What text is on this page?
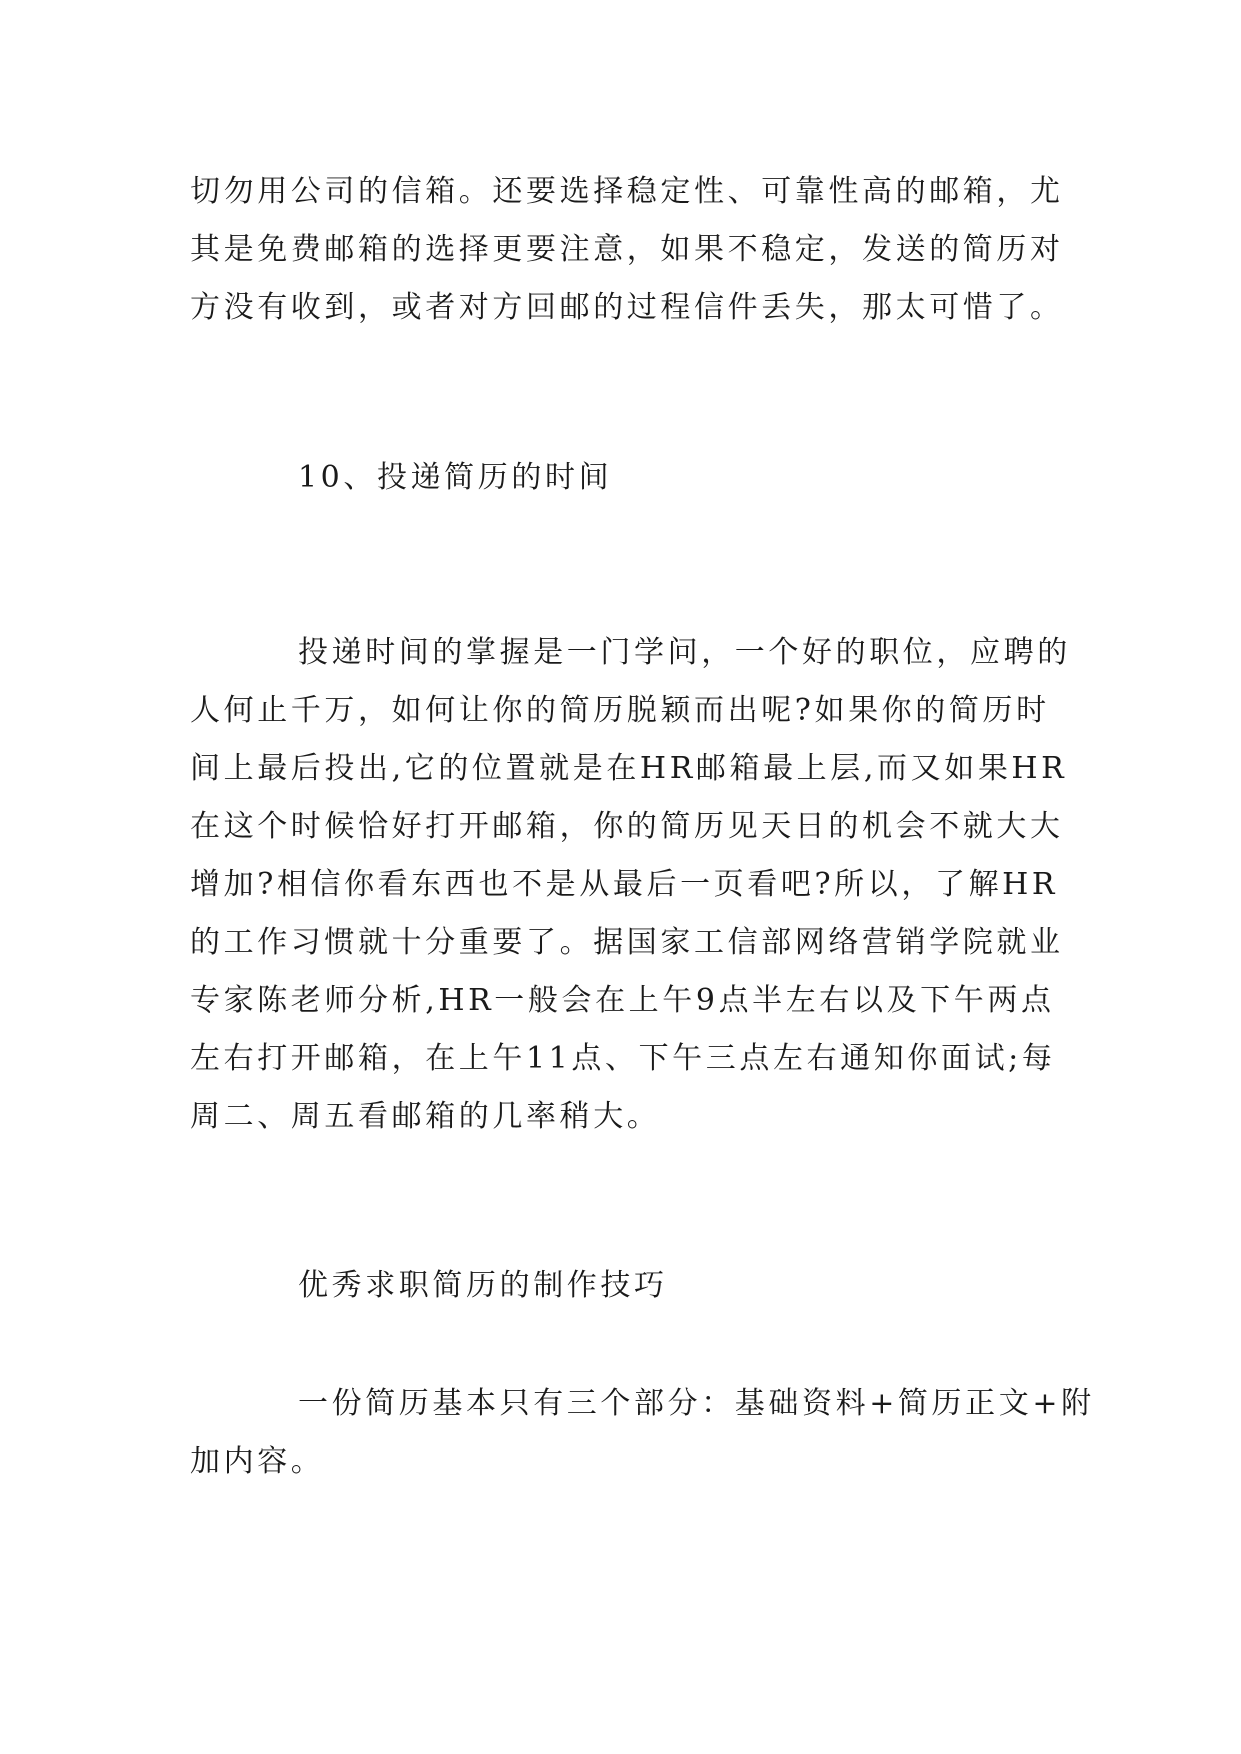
切勿用公司的信箱。还要选择稳定性、可靠性高的邮箱，尤
其是免费邮箱的选择更要注意，如果不稳定，发送的简历对
方没有收到，或者对方回邮的过程信件丢失，那太可惜了。
10、投递简历的时间
投递时间的掌握是一门学问，一个好的职位，应聘的
人何止千万，如何让你的简历脱颖而出呢?如果你的简历时
间上最后投出,它的位置就是在HR邮箱最上层,而又如果HR
在这个时候恰好打开邮箱，你的简历见天日的机会不就大大
增加?相信你看东西也不是从最后一页看吧?所以，了解HR
的工作习惯就十分重要了。据国家工信部网络营销学院就业
专家陈老师分析,HR一般会在上午9点半左右以及下午两点
左右打开邮箱，在上午11点、下午三点左右通知你面试;每
周二、周五看邮箱的几率稍大。
优秀求职简历的制作技巧
一份简历基本只有三个部分：基础资料+简历正文+附
加内容。
